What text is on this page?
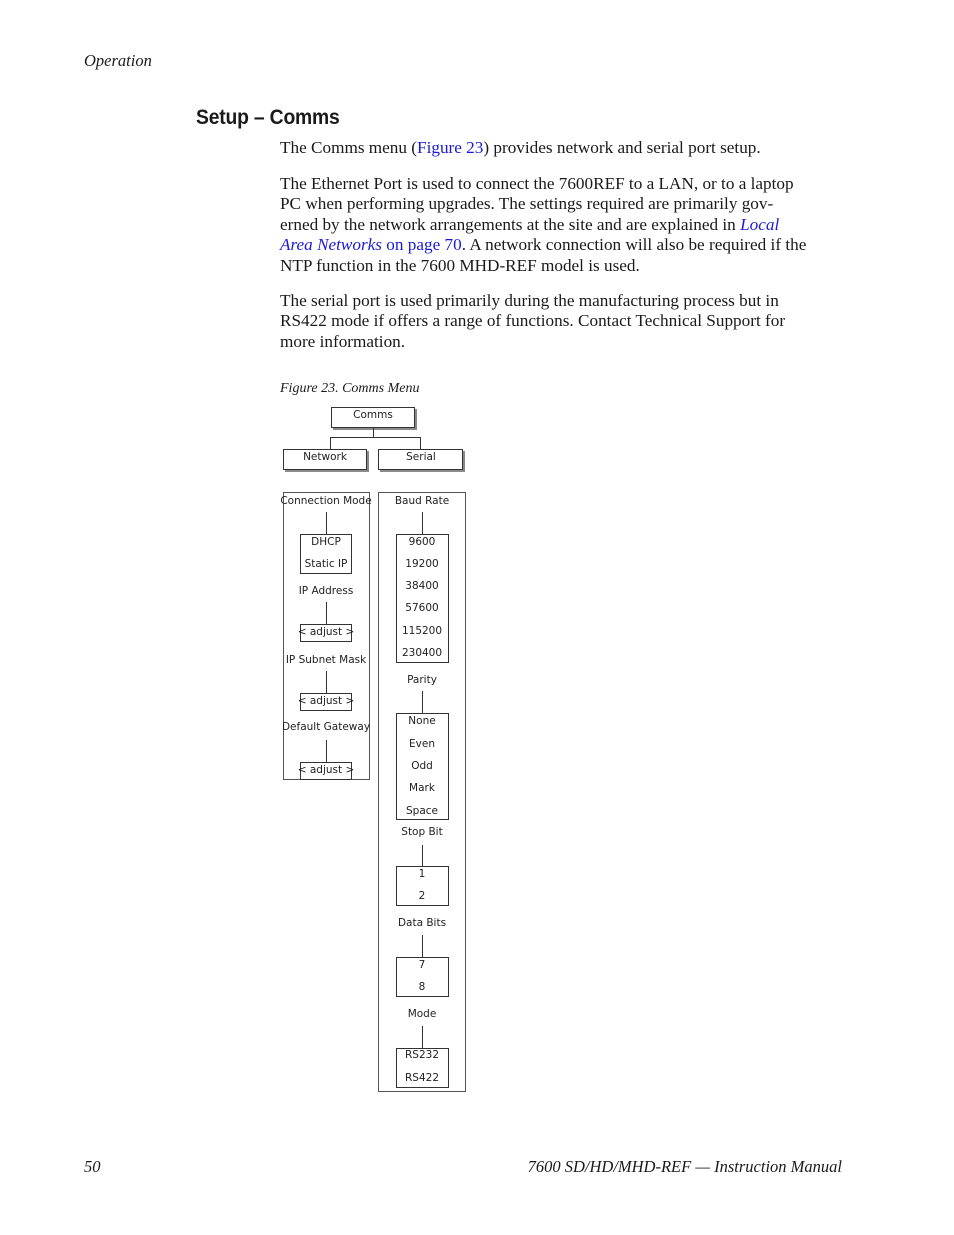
Operation
Setup – Comms
The Comms menu (Figure 23) provides network and serial port setup.
The Ethernet Port is used to connect the 7600REF to a LAN, or to a laptop
PC when performing upgrades. The settings required are primarily gov-
erned by the network arrangements at the site and are explained in Local
Area Networks on page 70. A network connection will also be required if the
NTP function in the 7600 MHD-REF model is used.
The serial port is used primarily during the manufacturing process but in
RS422 mode if offers a range of functions. Contact Technical Support for
more information.
Figure 23. Comms Menu
Comms
Network	Serial
Connection Mode
DHCP
Static IP
IP Address
< adjust >
IP Subnet Mask
< adjust >
Default Gateway
< adjust >
Baud Rate
9600
19200
38400
57600
115200
230400
Parity
None
Even
Odd
Mark
Space
Stop Bit
1
2
Data Bits
7
8
Mode
RS232
RS422
50	7600 SD/HD/MHD-REF — Instruction Manual
